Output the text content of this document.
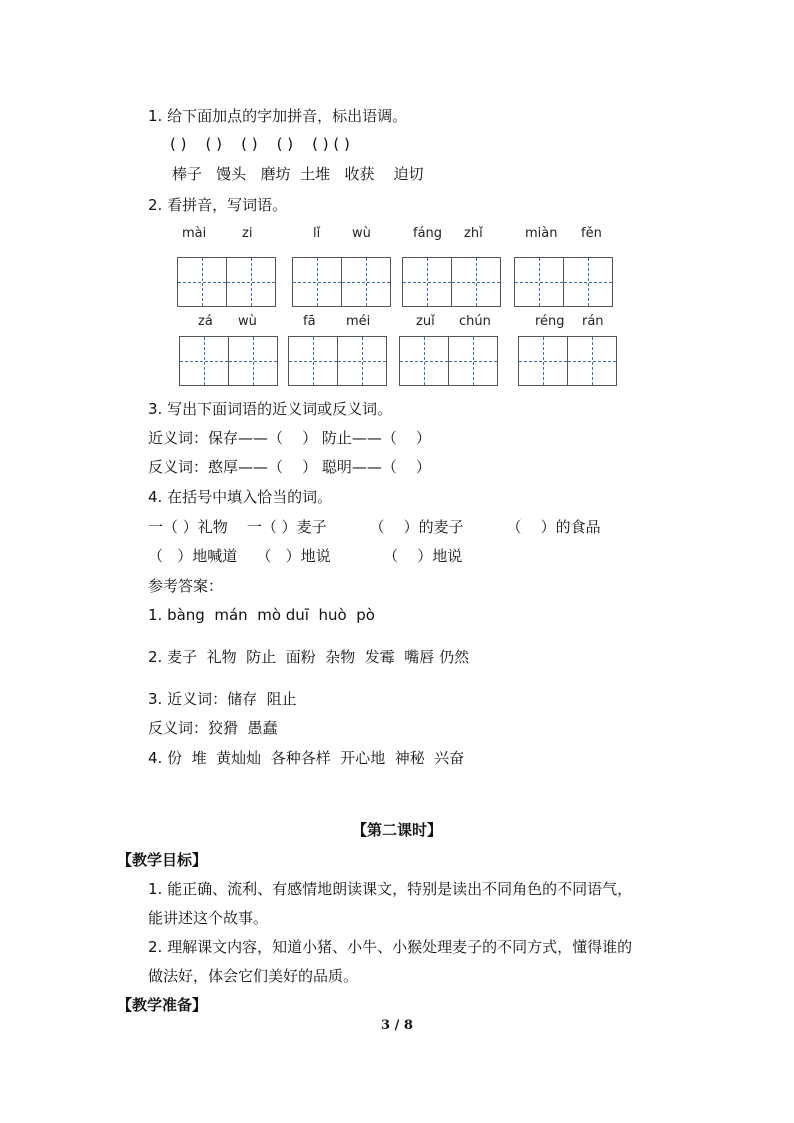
1. 给下面加点的字加拼音，标出语调。
( )    ( )    ( )    ( )    ( ) ( )
棒子   馒头   磨坊  土堆   收获    迫切
2. 看拼音，写词语。
mài	zi	lǐ wù	fáng zhǐ	miàn fěn
zá wù	fā méi	zuǐ chún	réng rán
3. 写出下面词语的近义词或反义词。
近义词：保存——（    ） 防止——（    ）
反义词：憨厚——（    ） 聪明——（    ）
4. 在括号中填入恰当的词。
一（ ）礼物    一（ ）麦子         （    ）的麦子         （    ）的食品
（   ）地喊道    （   ）地说           （    ）地说
参考答案：
1. bàng  mán  mò duī  huò  pò
2. 麦子  礼物  防止  面粉  杂物  发霉  嘴唇 仍然
3. 近义词：储存  阻止
反义词：狡猾  愚蠢
4. 份  堆  黄灿灿  各种各样  开心地  神秘  兴奋
【第二课时】
【教学目标】
1. 能正确、流利、有感情地朗读课文，特别是读出不同角色的不同语气，
能讲述这个故事。
2. 理解课文内容，知道小猪、小牛、小猴处理麦子的不同方式，懂得谁的
做法好，体会它们美好的品质。
【教学准备】
3 / 8
